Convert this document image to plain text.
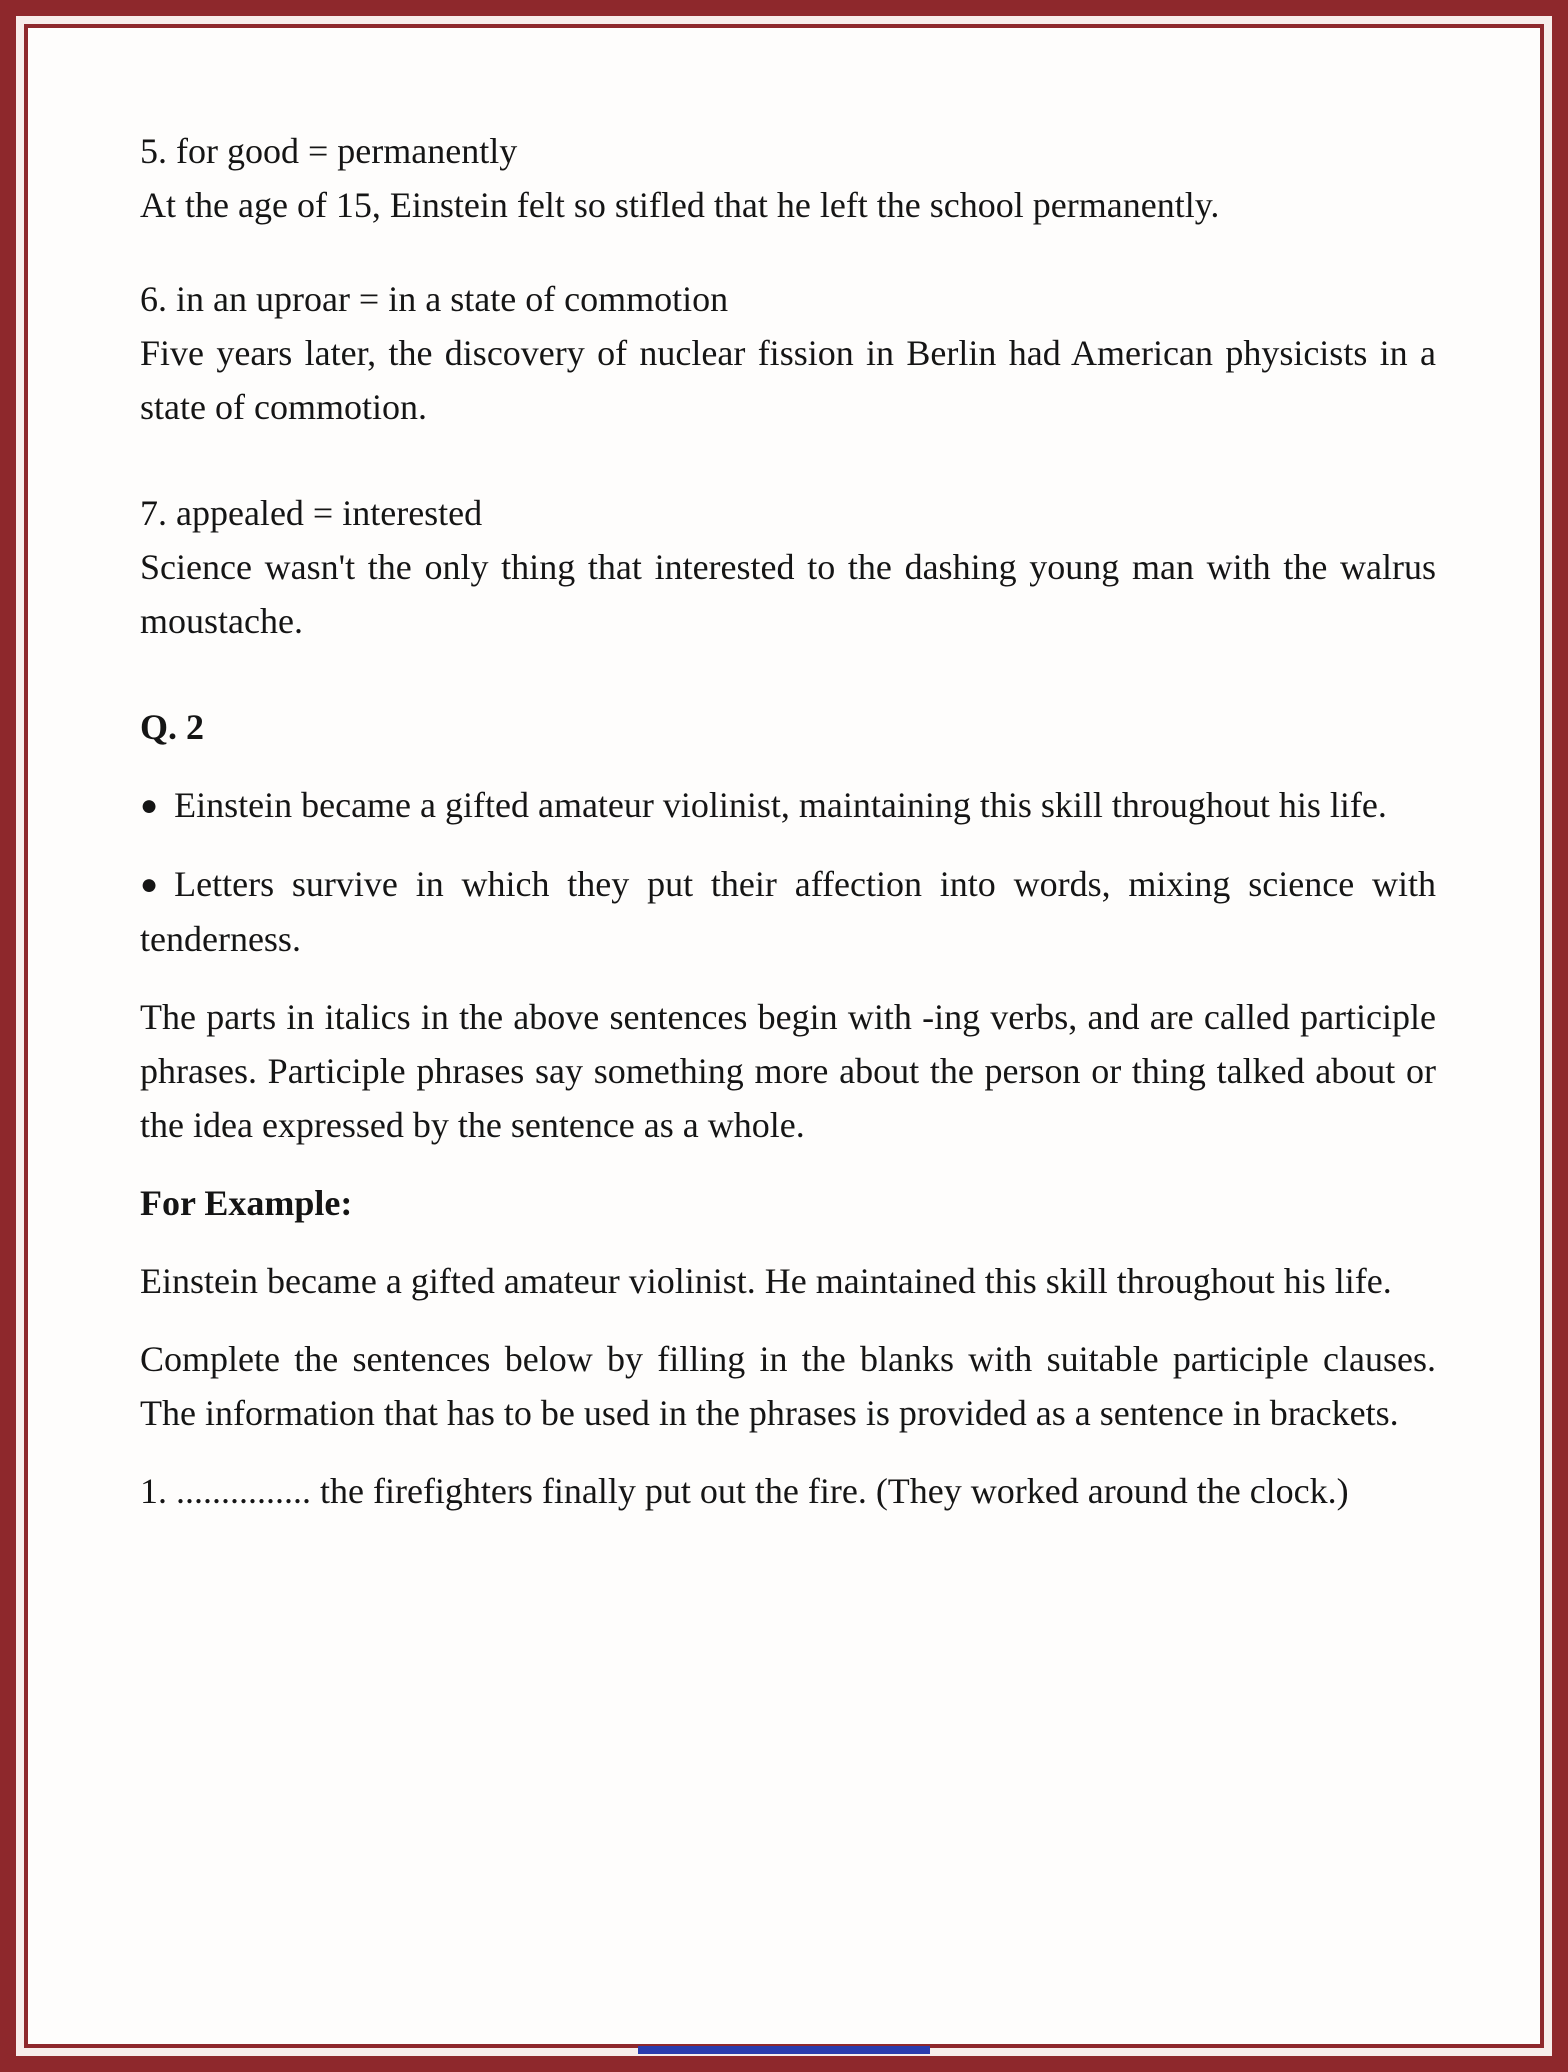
5. for good = permanently

At the age of 15, Einstein felt so stifled that he left the school permanently.

6. in an uproar = in a state of commotion

Five years later, the discovery of nuclear fission in Berlin had American physicists in a state of commotion.

7. appealed = interested

Science wasn't the only thing that interested to the dashing young man with the walrus moustache.

Q. 2

● Einstein became a gifted amateur violinist, maintaining this skill throughout his life.

● Letters survive in which they put their affection into words, mixing science with tenderness.

The parts in italics in the above sentences begin with -ing verbs, and are called participle phrases. Participle phrases say something more about the person or thing talked about or the idea expressed by the sentence as a whole.

For Example:

Einstein became a gifted amateur violinist. He maintained this skill throughout his life.

Complete the sentences below by filling in the blanks with suitable participle clauses. The information that has to be used in the phrases is provided as a sentence in brackets.

1. ............... the firefighters finally put out the fire. (They worked around the clock.)
